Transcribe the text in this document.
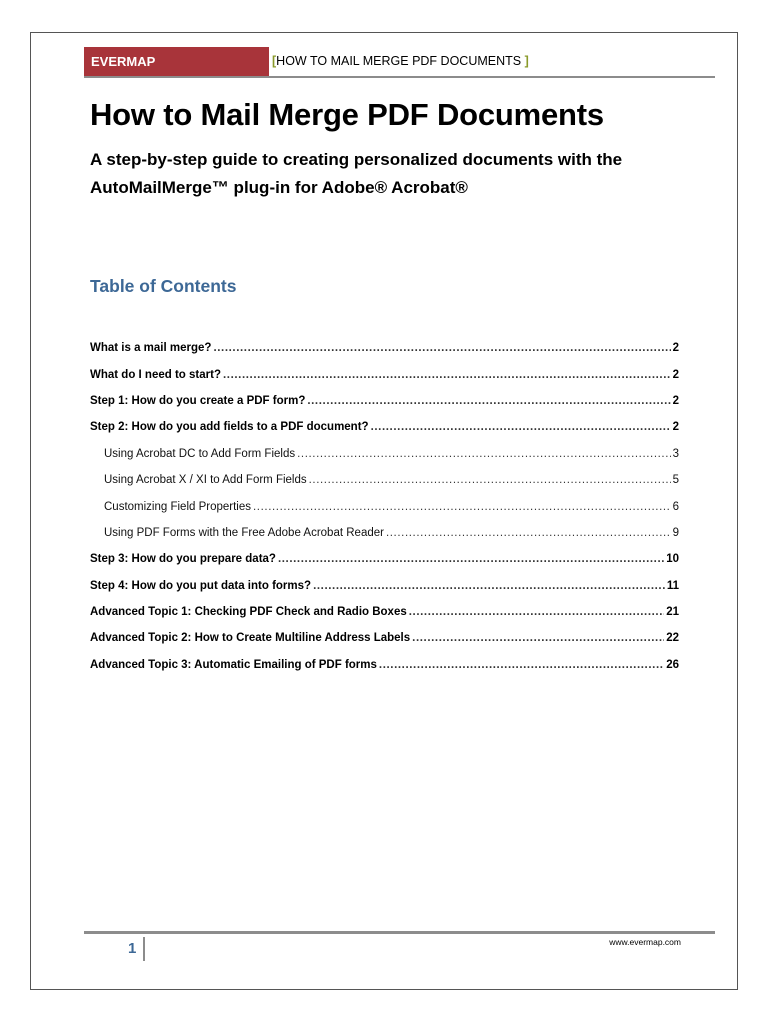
EVERMAP	[HOW TO MAIL MERGE PDF DOCUMENTS ]
How to Mail Merge PDF Documents
A step-by-step guide to creating personalized documents with the AutoMailMerge™ plug-in for Adobe® Acrobat®
Table of Contents
What is a mail merge? .....	2
What do I need to start? .....	2
Step 1: How do you create a PDF form? .....	2
Step 2: How do you add fields to a PDF document? .....	2
Using Acrobat DC to Add Form Fields .....	3
Using Acrobat X / XI to Add Form Fields .....	5
Customizing Field Properties .....	6
Using PDF Forms with the Free Adobe Acrobat Reader .....	9
Step 3: How do you prepare data? .....	10
Step 4: How do you put data into forms? .....	11
Advanced Topic 1: Checking PDF Check and Radio Boxes .....	21
Advanced Topic 2: How to Create Multiline Address Labels .....	22
Advanced Topic 3: Automatic Emailing of PDF forms .....	26
1	www.evermap.com
